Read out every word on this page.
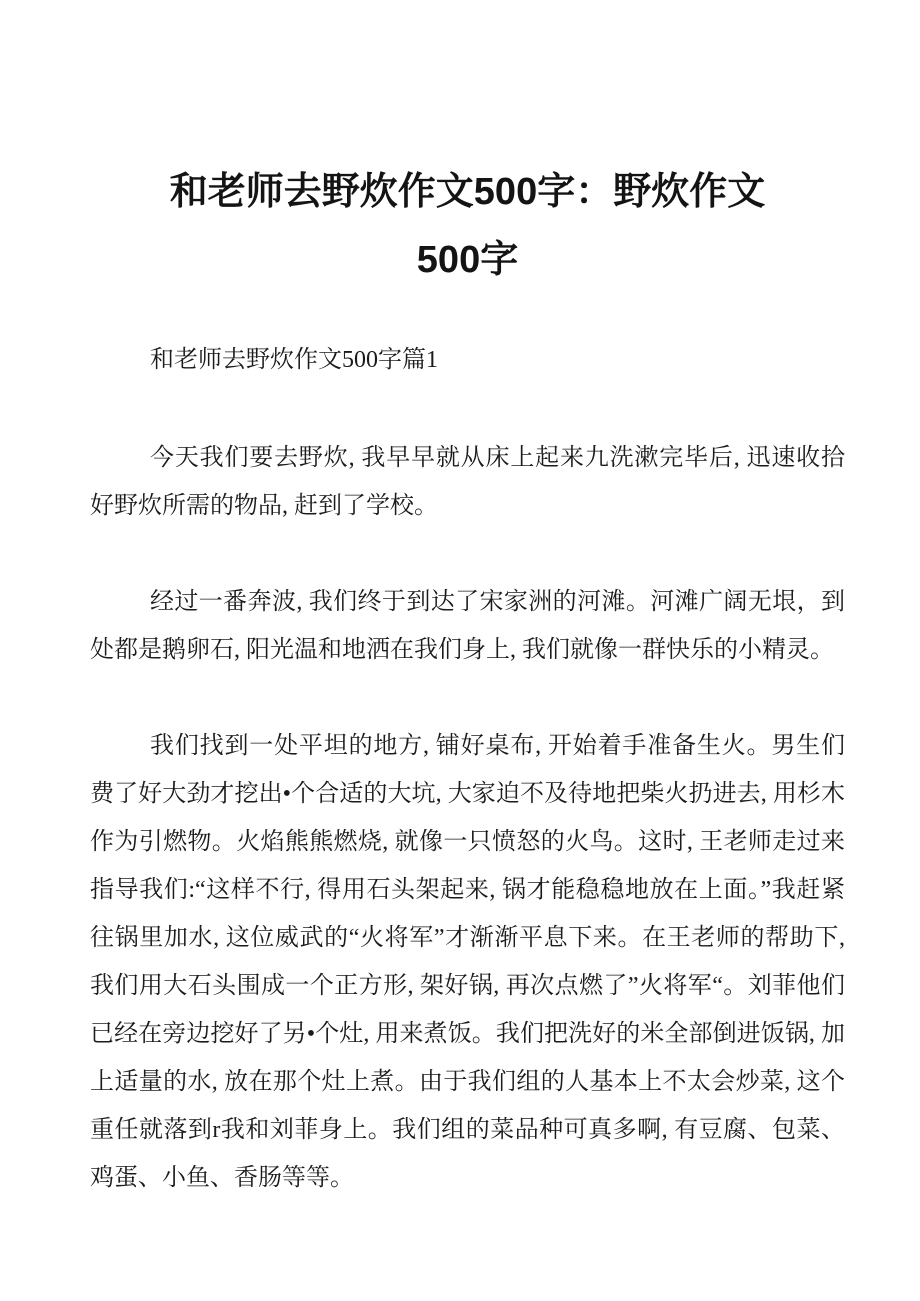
和老师去野炊作文500字：野炊作文500字
和老师去野炊作文500字篇1

今天我们要去野炊, 我早早就从床上起来九洗漱完毕后, 迅速收拾好野炊所需的物品, 赶到了学校。

经过一番奔波, 我们终于到达了宋家洲的河滩。河滩广阔无垠，到处都是鹅卵石, 阳光温和地洒在我们身上, 我们就像一群快乐的小精灵。

我们找到一处平坦的地方, 铺好桌布, 开始着手准备生火。男生们费了好大劲才挖出•个合适的大坑, 大家迫不及待地把柴火扔进去, 用杉木作为引燃物。火焰熊熊燃烧, 就像一只愤怒的火鸟。这时, 王老师走过来指导我们:“这样不行, 得用石头架起来, 锅才能稳稳地放在上面。”我赶紧往锅里加水, 这位威武的“火将军”才渐渐平息下来。在王老师的帮助下, 我们用大石头围成一个正方形, 架好锅, 再次点燃了”火将军“。刘菲他们已经在旁边挖好了另•个灶, 用来煮饭。我们把洗好的米全部倒进饭锅, 加上适量的水, 放在那个灶上煮。由于我们组的人基本上不太会炒菜, 这个重任就落到r我和刘菲身上。我们组的菜品种可真多啊, 有豆腐、包菜、鸡蛋、小鱼、香肠等等。
